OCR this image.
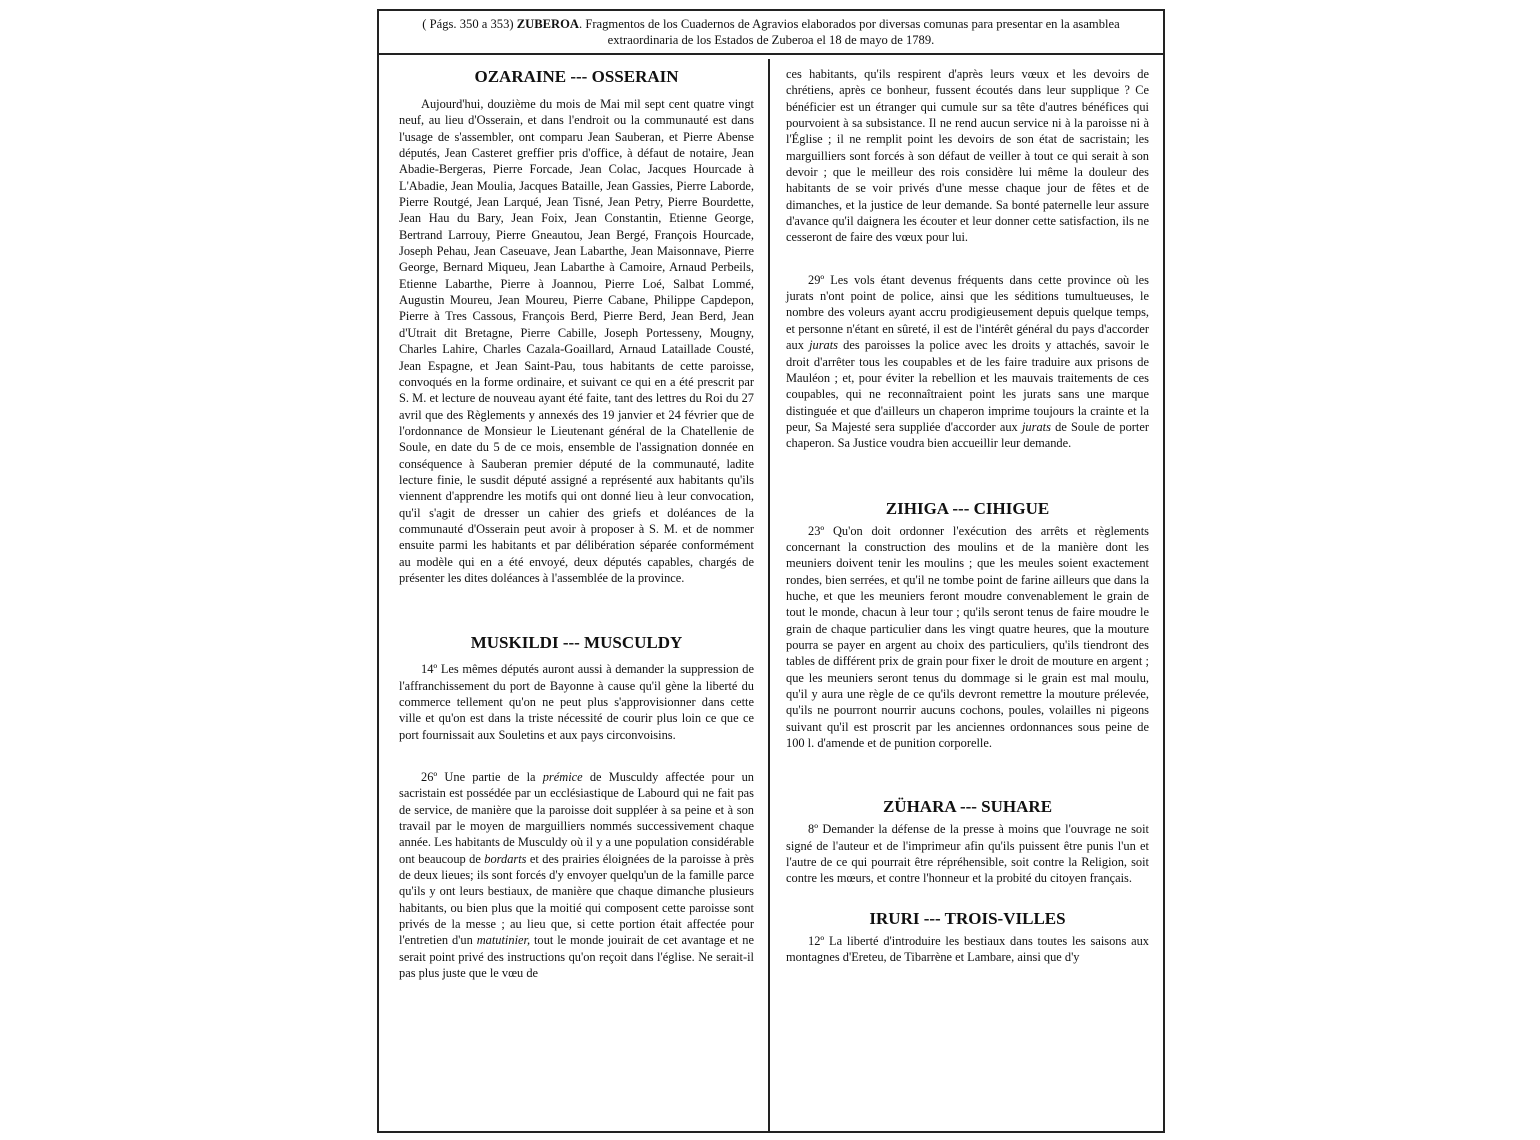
( Págs. 350 a 353) ZUBEROA. Fragmentos de los Cuadernos de Agravios elaborados por diversas comunas para presentar en la asamblea extraordinaria de los Estados de Zuberoa el 18 de mayo de 1789.
OZARAINE --- OSSERAIN

Aujourd'hui, douzième du mois de Mai mil sept cent quatre vingt neuf, au lieu d'Osserain, et dans l'endroit ou la communauté est dans l'usage de s'assembler, ont comparu Jean Sauberan, et Pierre Abense députés, Jean Casteret greffier pris d'office, à défaut de notaire, Jean Abadie-Bergeras, Pierre Forcade, Jean Colac, Jacques Hourcade à L'Abadie, Jean Moulia, Jacques Bataille, Jean Gassies, Pierre Laborde, Pierre Routgé, Jean Larqué, Jean Tisné, Jean Petry, Pierre Bourdette, Jean Hau du Bary, Jean Foix, Jean Constantin, Etienne George, Bertrand Larrouy, Pierre Gneautou, Jean Bergé, François Hourcade, Joseph Pehau, Jean Caseuave, Jean Labarthe, Jean Maisonnave, Pierre George, Bernard Miqueu, Jean Labarthe à Camoire, Arnaud Perbeils, Etienne Labarthe, Pierre à Joannou, Pierre Loé, Salbat Lommé, Augustin Moureu, Jean Moureu, Pierre Cabane, Philippe Capdepon, Pierre à Tres Cassous, François Berd, Pierre Berd, Jean Berd, Jean d'Utrait dit Bretagne, Pierre Cabille, Joseph Portesseny, Mougny, Charles Lahire, Charles Cazala-Goaillard, Arnaud Lataillade Cousté, Jean Espagne, et Jean Saint-Pau, tous habitants de cette paroisse, convoqués en la forme ordinaire, et suivant ce qui en a été prescrit par S. M. et lecture de nouveau ayant été faite, tant des lettres du Roi du 27 avril que des Règlements y annexés des 19 janvier et 24 février que de l'ordonnance de Monsieur le Lieutenant général de la Chatellenie de Soule, en date du 5 de ce mois, ensemble de l'assignation donnée en conséquence à Sauberan premier député de la communauté, ladite lecture finie, le susdit député assigné a représenté aux habitants qu'ils viennent d'apprendre les motifs qui ont donné lieu à leur convocation, qu'il s'agit de dresser un cahier des griefs et doléances de la communauté d'Osserain peut avoir à proposer à S. M. et de nommer ensuite parmi les habitants et par délibération séparée conformément au modèle qui en a été envoyé, deux députés capables, chargés de présenter les dites doléances à l'assemblée de la province.

MUSKILDI --- MUSCULDY

14º Les mêmes députés auront aussi à demander la suppression de l'affranchissement du port de Bayonne à cause qu'il gène la liberté du commerce tellement qu'on ne peut plus s'approvisionner dans cette ville et qu'on est dans la triste nécessité de courir plus loin ce que ce port fournissait aux Souletins et aux pays circonvoisins.

26º Une partie de la prémice de Musculdy affectée pour un sacristain est possédée par un ecclésiastique de Labourd qui ne fait pas de service, de manière que la paroisse doit suppléer à sa peine et à son travail par le moyen de marguilliers nommés successivement chaque année. Les habitants de Musculdy où il y a une population considérable ont beaucoup de bordarts et des prairies éloignées de la paroisse à près de deux lieues; ils sont forcés d'y envoyer quelqu'un de la famille parce qu'ils y ont leurs bestiaux, de manière que chaque dimanche plusieurs habitants, ou bien plus que la moitié qui composent cette paroisse sont privés de la messe ; au lieu que, si cette portion était affectée pour l'entretien d'un matutinier, tout le monde jouirait de cet avantage et ne serait point privé des instructions qu'on reçoit dans l'église. Ne serait-il pas plus juste que le vœu de

ces habitants, qu'ils respirent d'après leurs vœux et les devoirs de chrétiens, après ce bonheur, fussent écoutés dans leur supplique ? Ce bénéficier est un étranger qui cumule sur sa tête d'autres bénéfices qui pourvoient à sa subsistance. Il ne rend aucun service ni à la paroisse ni à l'Église ; il ne remplit point les devoirs de son état de sacristain; les marguilliers sont forcés à son défaut de veiller à tout ce qui serait à son devoir ; que le meilleur des rois considère lui même la douleur des habitants de se voir privés d'une messe chaque jour de fêtes et de dimanches, et la justice de leur demande. Sa bonté paternelle leur assure d'avance qu'il daignera les écouter et leur donner cette satisfaction, ils ne cesseront de faire des vœux pour lui.

29º Les vols étant devenus fréquents dans cette province où les jurats n'ont point de police, ainsi que les séditions tumultueuses, le nombre des voleurs ayant accru prodigieusement depuis quelque temps, et personne n'étant en sûreté, il est de l'intérêt général du pays d'accorder aux jurats des paroisses la police avec les droits y attachés, savoir le droit d'arrêter tous les coupables et de les faire traduire aux prisons de Mauléon ; et, pour éviter la rebellion et les mauvais traitements de ces coupables, qui ne reconnaîtraient point les jurats sans une marque distinguée et que d'ailleurs un chaperon imprime toujours la crainte et la peur, Sa Majesté sera suppliée d'accorder aux jurats de Soule de porter chaperon. Sa Justice voudra bien accueillir leur demande.

ZIHIGA --- CIHIGUE

23º Qu'on doit ordonner l'exécution des arrêts et règlements concernant la construction des moulins et de la manière dont les meuniers doivent tenir les moulins ; que les meules soient exactement rondes, bien serrées, et qu'il ne tombe point de farine ailleurs que dans la huche, et que les meuniers feront moudre convenablement le grain de tout le monde, chacun à leur tour ; qu'ils seront tenus de faire moudre le grain de chaque particulier dans les vingt quatre heures, que la mouture pourra se payer en argent au choix des particuliers, qu'ils tiendront des tables de différent prix de grain pour fixer le droit de mouture en argent ; que les meuniers seront tenus du dommage si le grain est mal moulu, qu'il y aura une règle de ce qu'ils devront remettre la mouture prélevée, qu'ils ne pourront nourrir aucuns cochons, poules, volailles ni pigeons suivant qu'il est proscrit par les anciennes ordonnances sous peine de 100 l. d'amende et de punition corporelle.

ZÜHARA --- SUHARE

8º Demander la défense de la presse à moins que l'ouvrage ne soit signé de l'auteur et de l'imprimeur afin qu'ils puissent être punis l'un et l'autre de ce qui pourrait être répréhensible, soit contre la Religion, soit contre les mœurs, et contre l'honneur et la probité du citoyen français.

IRURI --- TROIS-VILLES

12º La liberté d'introduire les bestiaux dans toutes les saisons aux montagnes d'Ereteu, de Tibarrène et Lambare, ainsi que d'y
